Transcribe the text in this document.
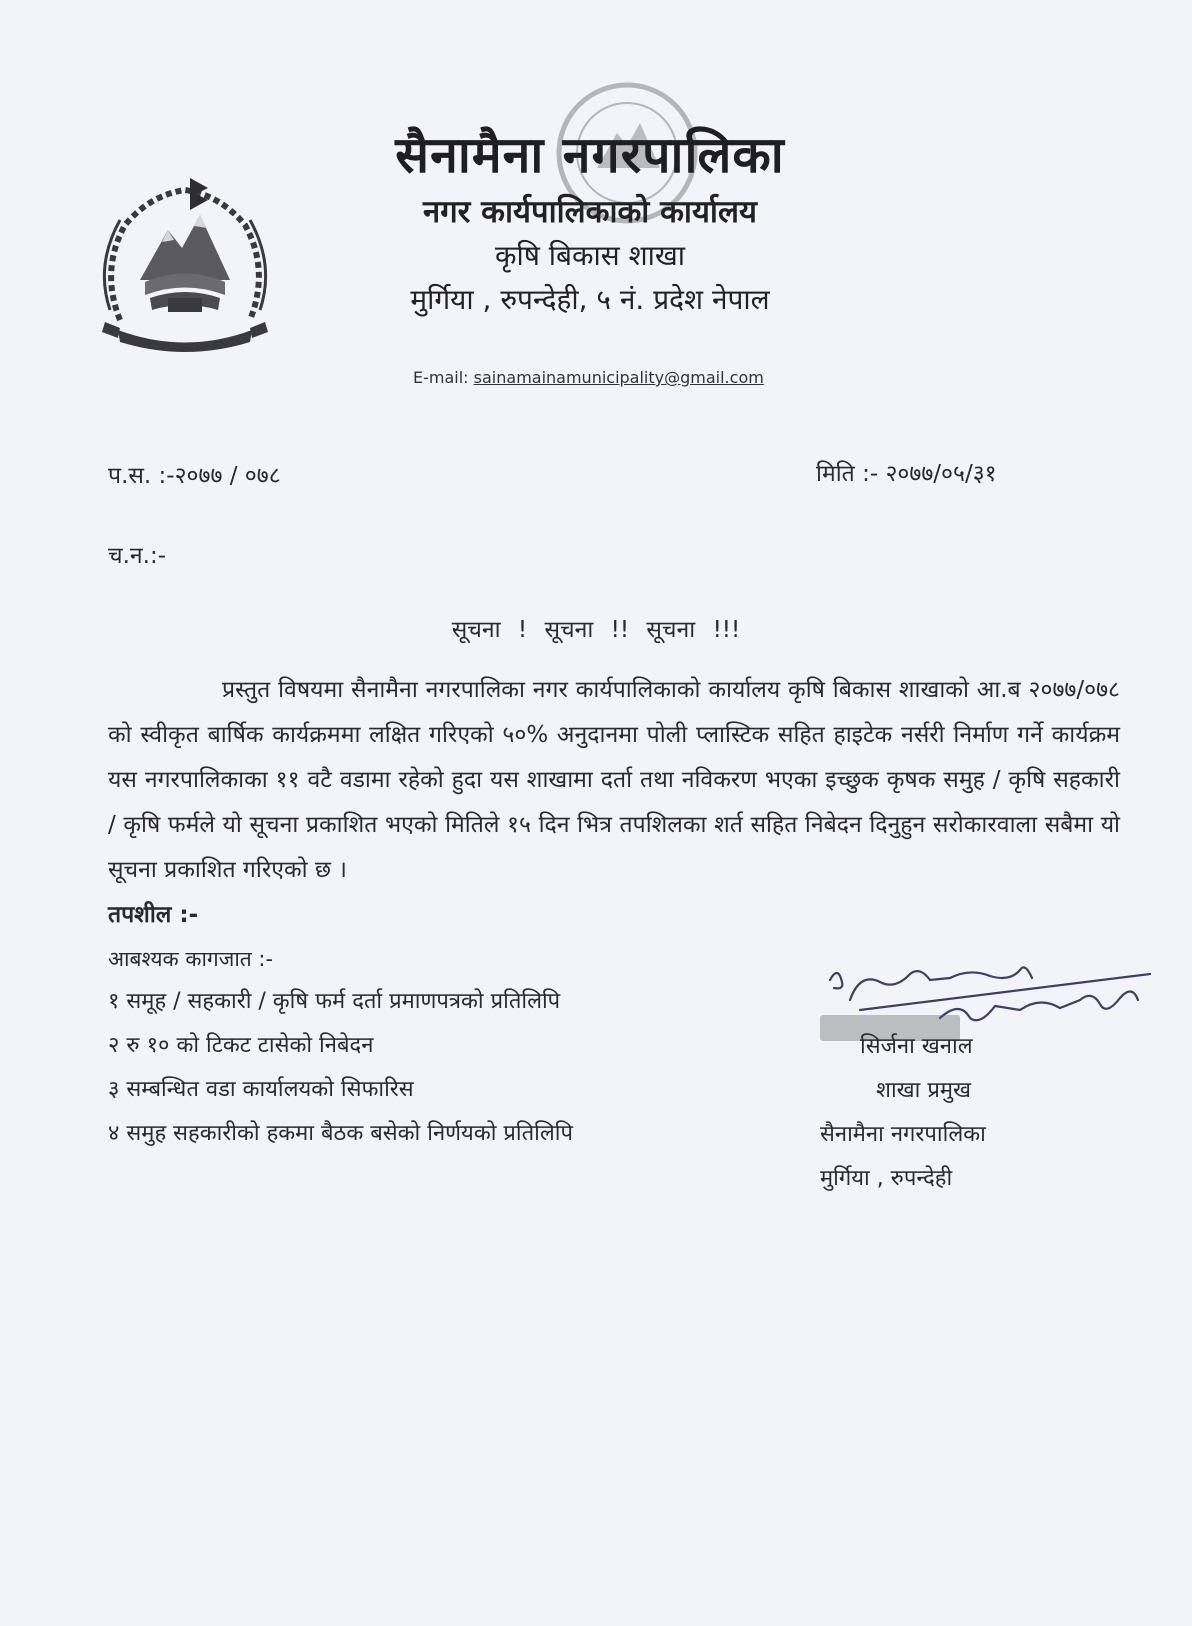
सैनामैना नगरपालिका
नगर कार्यपालिकाको कार्यालय
कृषि बिकास शाखा
मुर्गिया , रुपन्देही, ५ नं. प्रदेश नेपाल
E-mail: sainamainamunicipality@gmail.com
प.स. :-२०७७ / ०७८	मिति :- २०७७/०५/३१
च.न.:-
सूचना ! सूचना !! सूचना !!!
प्रस्तुत विषयमा सैनामैना नगरपालिका नगर कार्यपालिकाको कार्यालय कृषि बिकास शाखाको आ.ब २०७७/०७८ को स्वीकृत बार्षिक कार्यक्रममा लक्षित गरिएको ५०% अनुदानमा पोली प्लास्टिक सहित हाइटेक नर्सरी निर्माण गर्ने कार्यक्रम यस नगरपालिकाका ११ वटै वडामा रहेको हुदा यस शाखामा दर्ता तथा नविकरण भएका इच्छुक कृषक समुह / कृषि सहकारी / कृषि फर्मले यो सूचना प्रकाशित भएको मितिले १५ दिन भित्र तपशिलका शर्त सहित निबेदन दिनुहुन सरोकारवाला सबैमा यो सूचना प्रकाशित गरिएको छ ।
तपशील :-
आबश्यक कागजात :-
१ समूह / सहकारी / कृषि फर्म दर्ता प्रमाणपत्रको प्रतिलिपि
२ रु १० को टिकट टासेको निबेदन
३ सम्बन्धित वडा कार्यालयको सिफारिस
४ समुह सहकारीको हकमा बैठक बसेको निर्णयको प्रतिलिपि
सिर्जना खनाल
शाखा प्रमुख
सैनामैना नगरपालिका
मुर्गिया , रुपन्देही
